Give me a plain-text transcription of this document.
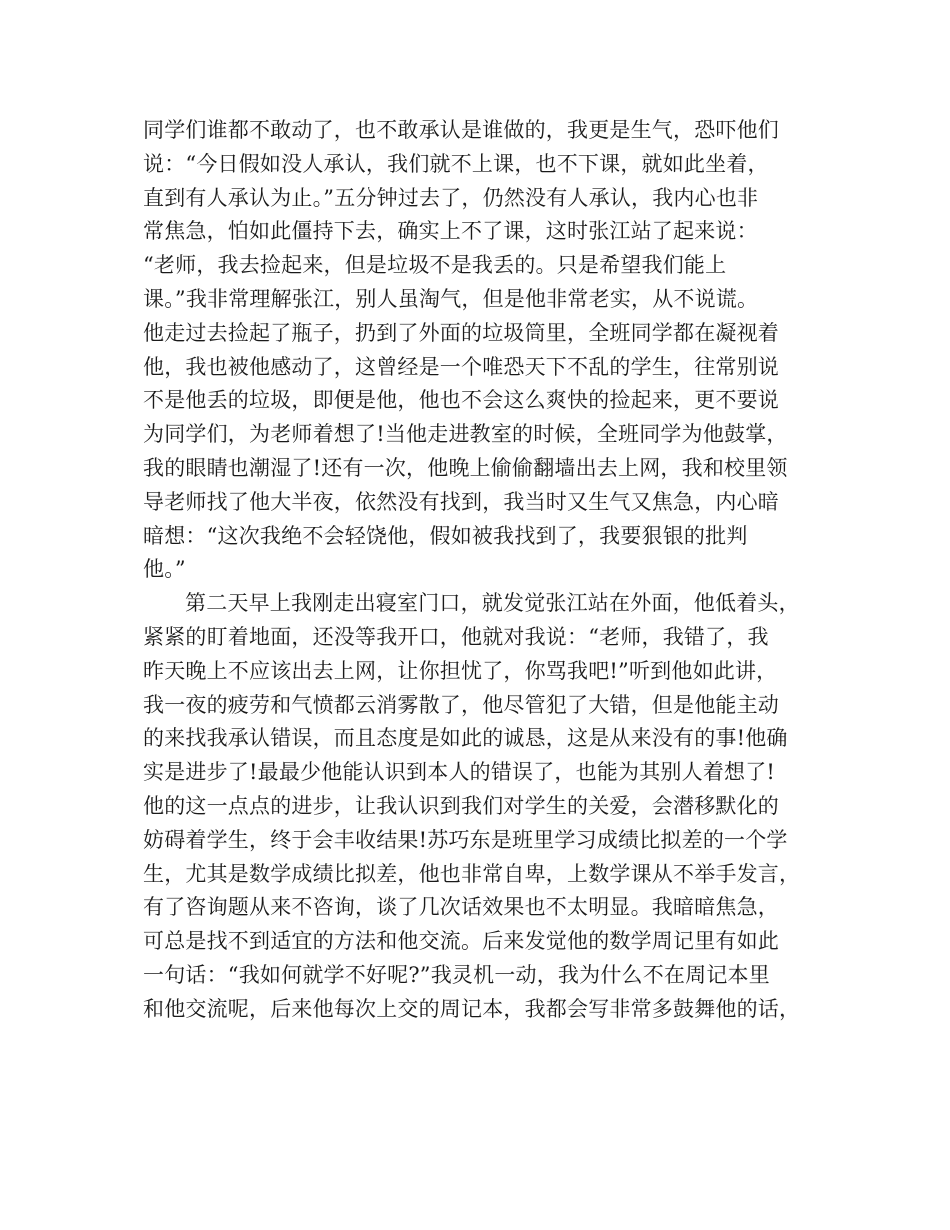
同学们谁都不敢动了，也不敢承认是谁做的，我更是生气，恐吓他们
说：“今日假如没人承认，我们就不上课，也不下课，就如此坐着，
直到有人承认为止。”五分钟过去了，仍然没有人承认，我内心也非
常焦急，怕如此僵持下去，确实上不了课，这时张江站了起来说：
“老师，我去捡起来，但是垃圾不是我丢的。只是希望我们能上
课。”我非常理解张江，别人虽淘气，但是他非常老实，从不说谎。
他走过去捡起了瓶子，扔到了外面的垃圾筒里，全班同学都在凝视着
他，我也被他感动了，这曾经是一个唯恐天下不乱的学生，往常别说
不是他丢的垃圾，即便是他，他也不会这么爽快的捡起来，更不要说
为同学们，为老师着想了!当他走进教室的时候，全班同学为他鼓掌，
我的眼睛也潮湿了!还有一次，他晚上偷偷翻墙出去上网，我和校里领
导老师找了他大半夜，依然没有找到，我当时又生气又焦急，内心暗
暗想：“这次我绝不会轻饶他，假如被我找到了，我要狠银的批判
他。”
第二天早上我刚走出寝室门口，就发觉张江站在外面，他低着头，
紧紧的盯着地面，还没等我开口，他就对我说：“老师，我错了，我
昨天晚上不应该出去上网，让你担忧了，你骂我吧!”听到他如此讲，
我一夜的疲劳和气愤都云消雾散了，他尽管犯了大错，但是他能主动
的来找我承认错误，而且态度是如此的诚恳，这是从来没有的事!他确
实是进步了!最最少他能认识到本人的错误了，也能为其别人着想了!
他的这一点点的进步，让我认识到我们对学生的关爱，会潜移默化的
妨碍着学生，终于会丰收结果!苏巧东是班里学习成绩比拟差的一个学
生，尤其是数学成绩比拟差，他也非常自卑，上数学课从不举手发言，
有了咨询题从来不咨询，谈了几次话效果也不太明显。我暗暗焦急，
可总是找不到适宜的方法和他交流。后来发觉他的数学周记里有如此
一句话：“我如何就学不好呢?”我灵机一动，我为什么不在周记本里
和他交流呢，后来他每次上交的周记本，我都会写非常多鼓舞他的话，
